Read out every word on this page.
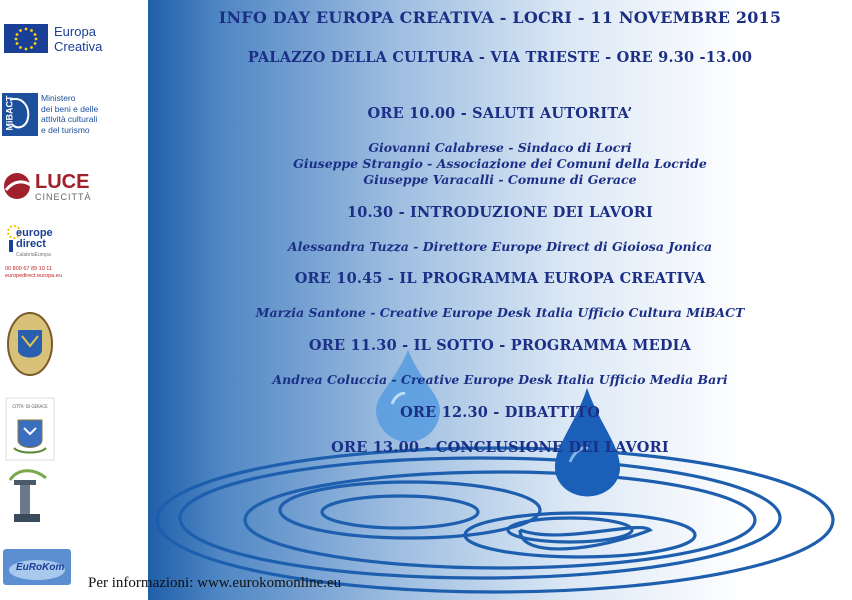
CITTA' DI GERACE
Europa
Creativa
MiBACT	Ministero
dei beni e delle
attività culturali
e del turismo
LUCE
CINECITTÀ
europe
direct
CalabriaEuropa
00 800 67 89 10 11
europedirect.europa.eu
EuRoKom
INFO DAY EUROPA CREATIVA - LOCRI - 11 NOVEMBRE 2015
PALAZZO DELLA CULTURA - VIA TRIESTE - ORE 9.30 -13.00
ORE 10.00 - SALUTI AUTORITA’
Giovanni Calabrese - Sindaco di Locri
Giuseppe Strangio - Associazione dei Comuni della Locride
Giuseppe Varacalli - Comune di Gerace
10.30 - INTRODUZIONE DEI LAVORI
Alessandra Tuzza - Direttore Europe Direct di Gioiosa Jonica
ORE 10.45 - IL PROGRAMMA EUROPA CREATIVA
Marzia Santone - Creative Europe Desk Italia Ufficio Cultura MiBACT
ORE 11.30 - IL SOTTO - PROGRAMMA MEDIA
Andrea Coluccia - Creative Europe Desk Italia Ufficio Media Bari
ORE 12.30 - DIBATTITO
ORE 13.00 - CONCLUSIONE DEI LAVORI
Per informazioni: www.eurokomonline.eu
